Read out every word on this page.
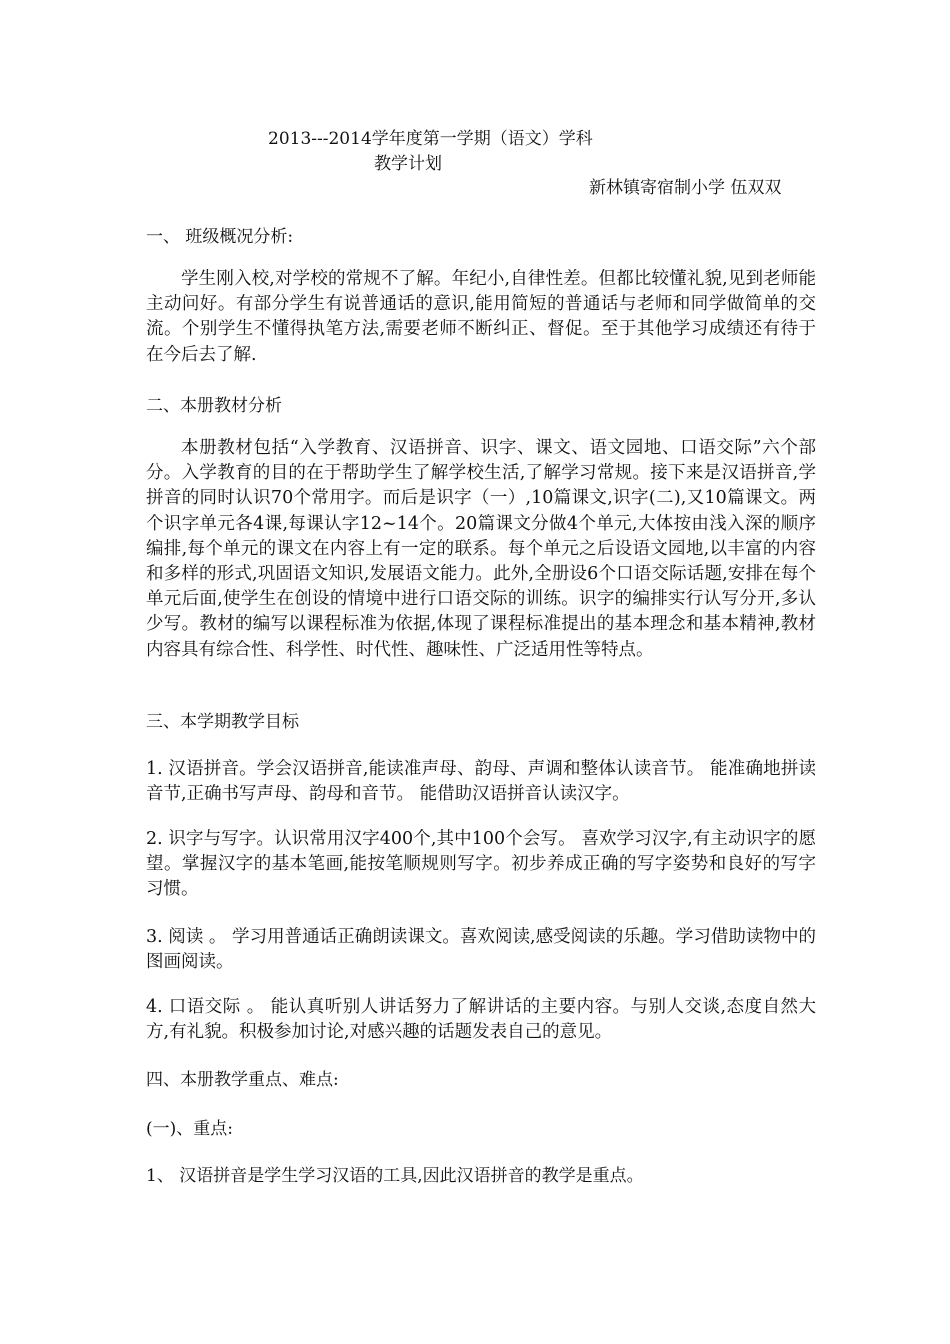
2013---2014学年度第一学期（语文）学科
教学计划
新林镇寄宿制小学 伍双双
一、 班级概况分析:

学生刚入校,对学校的常规不了解。年纪小,自律性差。但都比较懂礼貌,见到老师能主动问好。有部分学生有说普通话的意识,能用简短的普通话与老师和同学做简单的交流。个别学生不懂得执笔方法,需要老师不断纠正、督促。至于其他学习成绩还有待于在今后去了解.

二、本册教材分析

本册教材包括“入学教育、汉语拼音、识字、课文、语文园地、口语交际”六个部分。入学教育的目的在于帮助学生了解学校生活,了解学习常规。接下来是汉语拼音,学拼音的同时认识70个常用字。而后是识字（一）,10篇课文,识字(二),又10篇课文。两个识字单元各4课,每课认字12~14个。20篇课文分做4个单元,大体按由浅入深的顺序编排,每个单元的课文在内容上有一定的联系。每个单元之后设语文园地,以丰富的内容和多样的形式,巩固语文知识,发展语文能力。此外,全册设6个口语交际话题,安排在每个单元后面,使学生在创设的情境中进行口语交际的训练。识字的编排实行认写分开,多认少写。教材的编写以课程标准为依据,体现了课程标准提出的基本理念和基本精神,教材内容具有综合性、科学性、时代性、趣味性、广泛适用性等特点。

三、本学期教学目标

1. 汉语拼音。学会汉语拼音,能读准声母、韵母、声调和整体认读音节。 能准确地拼读音节,正确书写声母、韵母和音节。 能借助汉语拼音认读汉字。

2. 识字与写字。认识常用汉字400个,其中100个会写。 喜欢学习汉字,有主动识字的愿望。掌握汉字的基本笔画,能按笔顺规则写字。初步养成正确的写字姿势和良好的写字习惯。

3. 阅读 。 学习用普通话正确朗读课文。喜欢阅读,感受阅读的乐趣。学习借助读物中的图画阅读。

4. 口语交际 。 能认真听别人讲话努力了解讲话的主要内容。与别人交谈,态度自然大方,有礼貌。积极参加讨论,对感兴趣的话题发表自己的意见。

四、本册教学重点、难点:
(一)、重点:
1、 汉语拼音是学生学习汉语的工具,因此汉语拼音的教学是重点。
